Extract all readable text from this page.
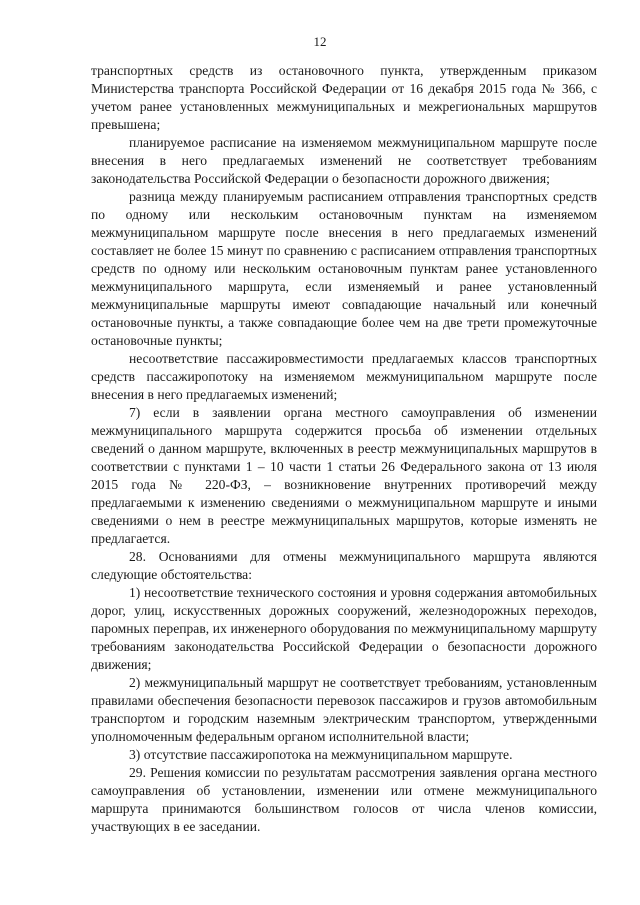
12

транспортных средств из остановочного пункта, утвержденным приказом Министерства транспорта Российской Федерации от 16 декабря 2015 года № 366, с учетом ранее установленных межмуниципальных и межрегиональных маршрутов превышена;

планируемое расписание на изменяемом межмуниципальном маршруте после внесения в него предлагаемых изменений не соответствует требованиям законодательства Российской Федерации о безопасности дорожного движения;

разница между планируемым расписанием отправления транспортных средств по одному или нескольким остановочным пунктам на изменяемом межмуниципальном маршруте после внесения в него предлагаемых изменений составляет не более 15 минут по сравнению с расписанием отправления транспортных средств по одному или нескольким остановочным пунктам ранее установленного межмуниципального маршрута, если изменяемый и ранее установленный межмуниципальные маршруты имеют совпадающие начальный или конечный остановочные пункты, а также совпадающие более чем на две трети промежуточные остановочные пункты;

несоответствие пассажировместимости предлагаемых классов транспортных средств пассажиропотоку на изменяемом межмуниципальном маршруте после внесения в него предлагаемых изменений;

7) если в заявлении органа местного самоуправления об изменении межмуниципального маршрута содержится просьба об изменении отдельных сведений о данном маршруте, включенных в реестр межмуниципальных маршрутов в соответствии с пунктами 1 – 10 части 1 статьи 26 Федерального закона от 13 июля 2015 года № 220-ФЗ, – возникновение внутренних противоречий между предлагаемыми к изменению сведениями о межмуниципальном маршруте и иными сведениями о нем в реестре межмуниципальных маршрутов, которые изменять не предлагается.

28. Основаниями для отмены межмуниципального маршрута являются следующие обстоятельства:

1) несоответствие технического состояния и уровня содержания автомобильных дорог, улиц, искусственных дорожных сооружений, железнодорожных переходов, паромных переправ, их инженерного оборудования по межмуниципальному маршруту требованиям законодательства Российской Федерации о безопасности дорожного движения;

2) межмуниципальный маршрут не соответствует требованиям, установленным правилами обеспечения безопасности перевозок пассажиров и грузов автомобильным транспортом и городским наземным электрическим транспортом, утвержденными уполномоченным федеральным органом исполнительной власти;

3) отсутствие пассажиропотока на межмуниципальном маршруте.

29. Решения комиссии по результатам рассмотрения заявления органа местного самоуправления об установлении, изменении или отмене межмуниципального маршрута принимаются большинством голосов от числа членов комиссии, участвующих в ее заседании.
